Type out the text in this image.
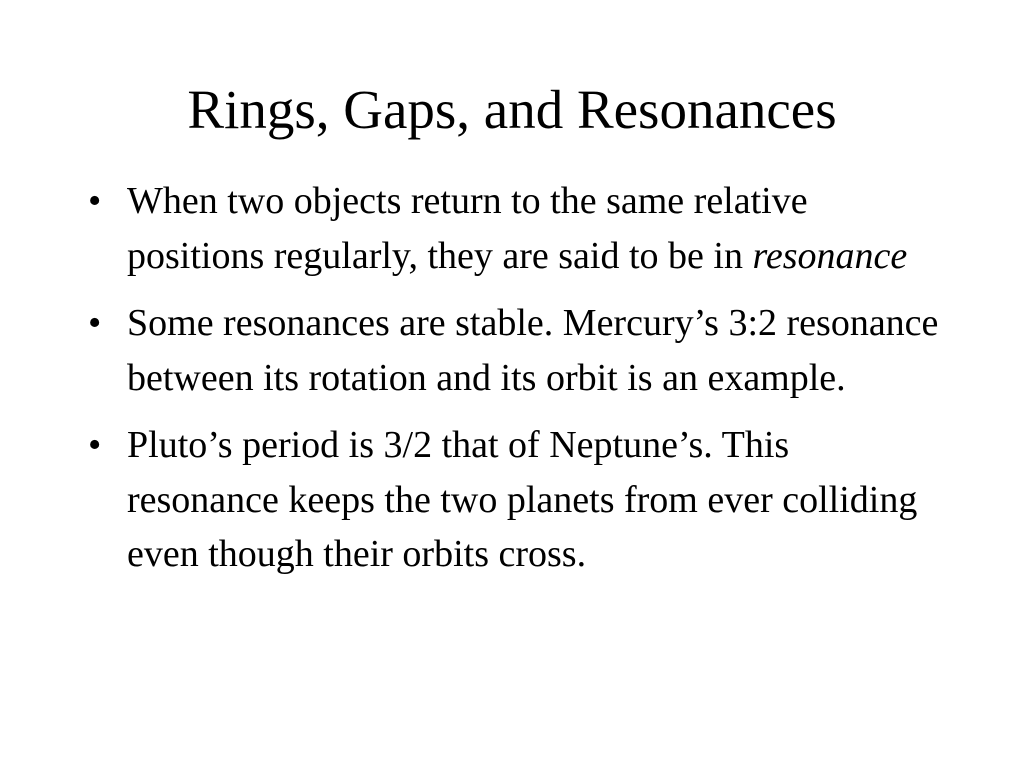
Rings, Gaps, and Resonances
• When two objects return to the same relative positions regularly, they are said to be in resonance
• Some resonances are stable. Mercury’s 3:2 resonance between its rotation and its orbit is an example.
• Pluto’s period is 3/2 that of Neptune’s. This resonance keeps the two planets from ever colliding even though their orbits cross.
